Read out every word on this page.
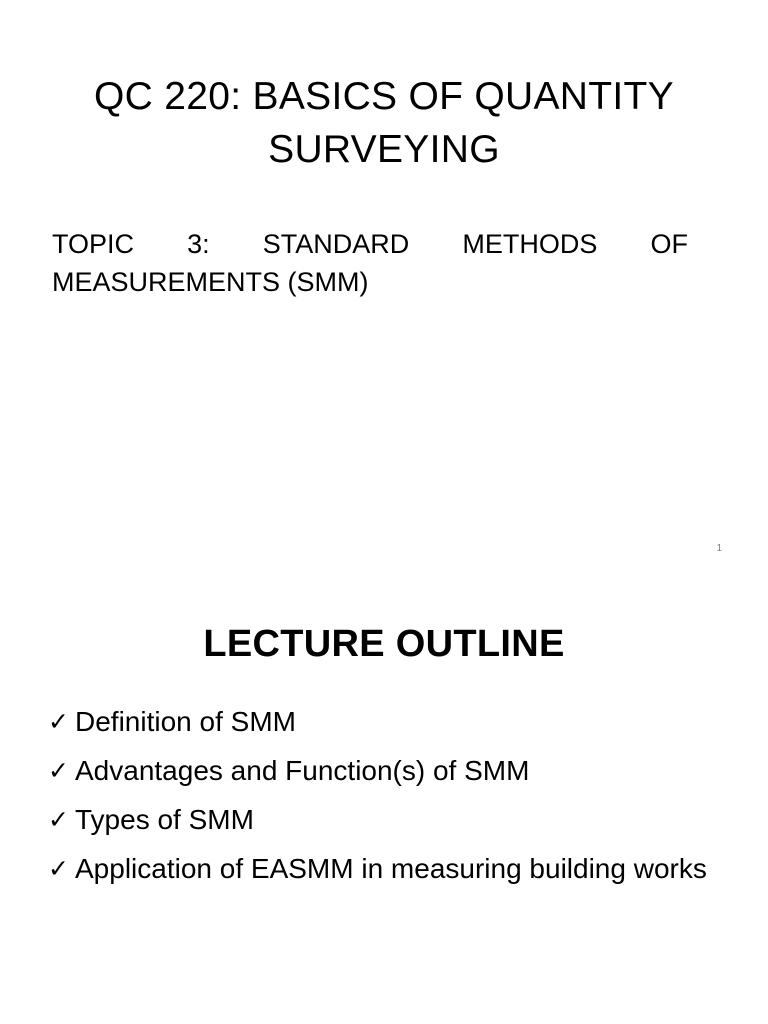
QC 220: BASICS OF QUANTITY SURVEYING
TOPIC 3: STANDARD METHODS OF MEASUREMENTS (SMM)
1
LECTURE OUTLINE
✓ Definition of SMM
✓ Advantages and Function(s) of SMM
✓ Types of SMM
✓ Application of EASMM in measuring building works
